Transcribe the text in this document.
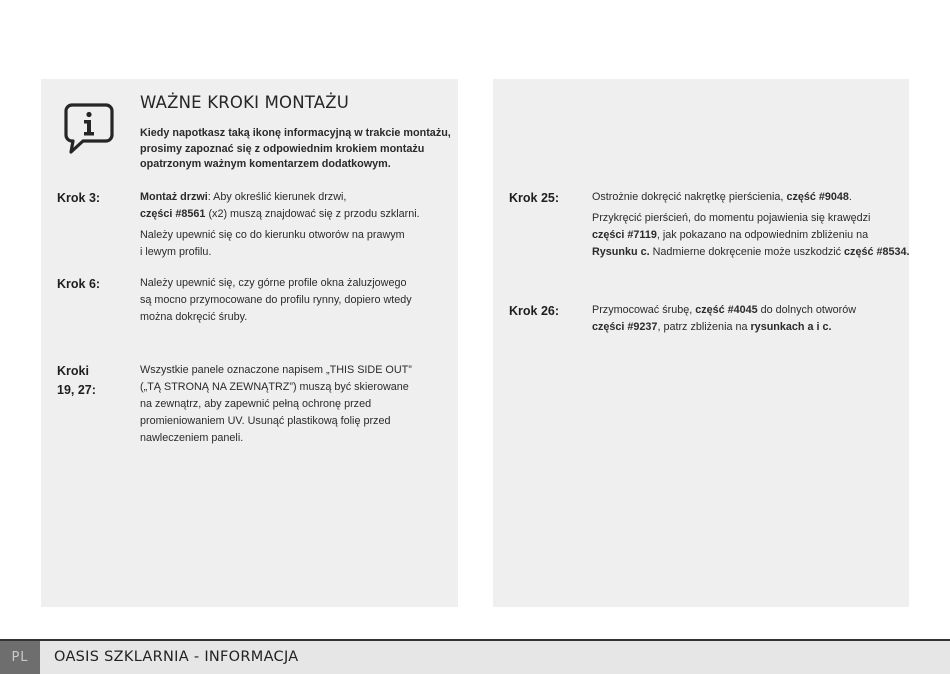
WAŻNE KROKI MONTAŻU
Kiedy napotkasz taką ikonę informacyjną w trakcie montażu,
prosimy zapoznać się z odpowiednim krokiem montażu
opatrzonym ważnym komentarzem dodatkowym.
Krok 3:	Montaż drzwi: Aby określić kierunek drzwi,
części #8561 (x2) muszą znajdować się z przodu szklarni.
Należy upewnić się co do kierunku otworów na prawym
i lewym profilu.
Krok 6:	Należy upewnić się, czy górne profile okna żaluzjowego
są mocno przymocowane do profilu rynny, dopiero wtedy
można dokręcić śruby.
Kroki
19, 27:
Wszystkie panele oznaczone napisem „THIS SIDE OUT”
(„TĄ STRONĄ NA ZEWNĄTRZ”) muszą być skierowane
na zewnątrz, aby zapewnić pełną ochronę przed
promieniowaniem UV. Usunąć plastikową folię przed
nawleczeniem paneli.
Krok 25:	Ostrożnie dokręcić nakrętkę pierścienia, część #9048.
Przykręcić pierścień, do momentu pojawienia się krawędzi
części #7119, jak pokazano na odpowiednim zbliżeniu na
Rysunku c. Nadmierne dokręcenie może uszkodzić część #8534.
Krok 26:	Przymocować śrubę, część #4045 do dolnych otworów
części #9237, patrz zbliżenia na rysunkach a i c.
PL	OASIS SZKLARNIA - INFORMACJA
